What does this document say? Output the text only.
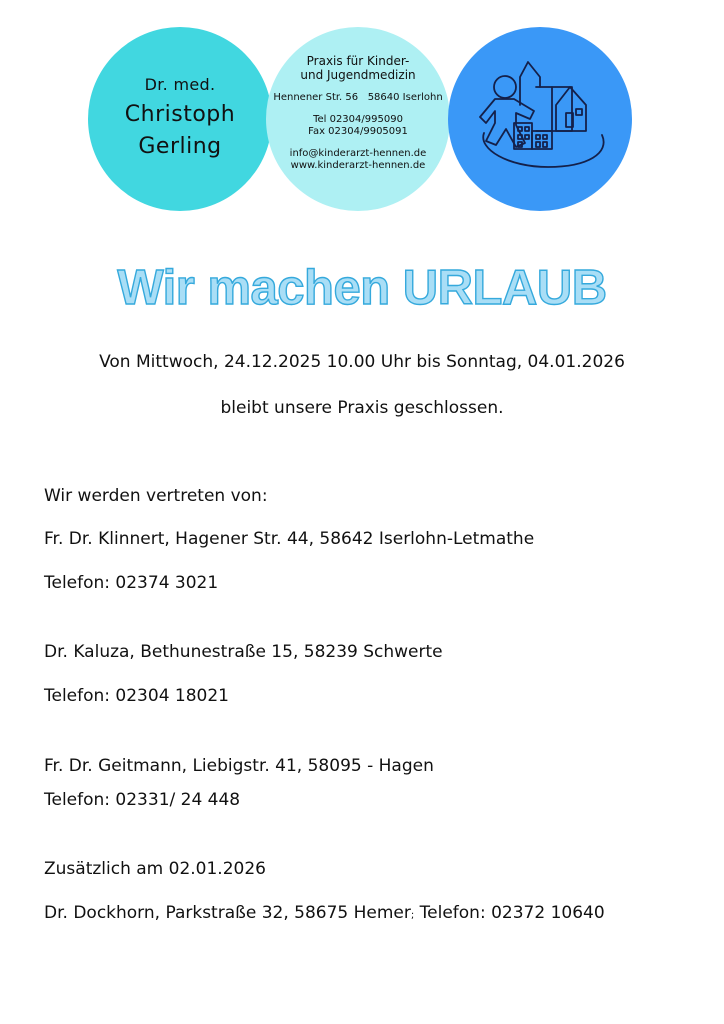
Dr. med.
Christoph
Gerling
Praxis für Kinder-
und Jugendmedizin
Hennener Str. 56 58640 Iserlohn
Tel 02304/995090
Fax 02304/9905091
info@kinderarzt-hennen.de
www.kinderarzt-hennen.de
Wir machen URLAUB
Von Mittwoch, 24.12.2025 10.00 Uhr bis Sonntag, 04.01.2026
bleibt unsere Praxis geschlossen.
Wir werden vertreten von:
Fr. Dr. Klinnert, Hagener Str. 44, 58642 Iserlohn-Letmathe
Telefon: 02374 3021
Dr. Kaluza, Bethunestraße 15, 58239 Schwerte
Telefon: 02304 18021
Fr. Dr. Geitmann, Liebigstr. 41, 58095 - Hagen
Telefon: 02331/ 24 448
Zusätzlich am 02.01.2026
Dr. Dockhorn, Parkstraße 32, 58675 Hemer; Telefon: 02372 10640
